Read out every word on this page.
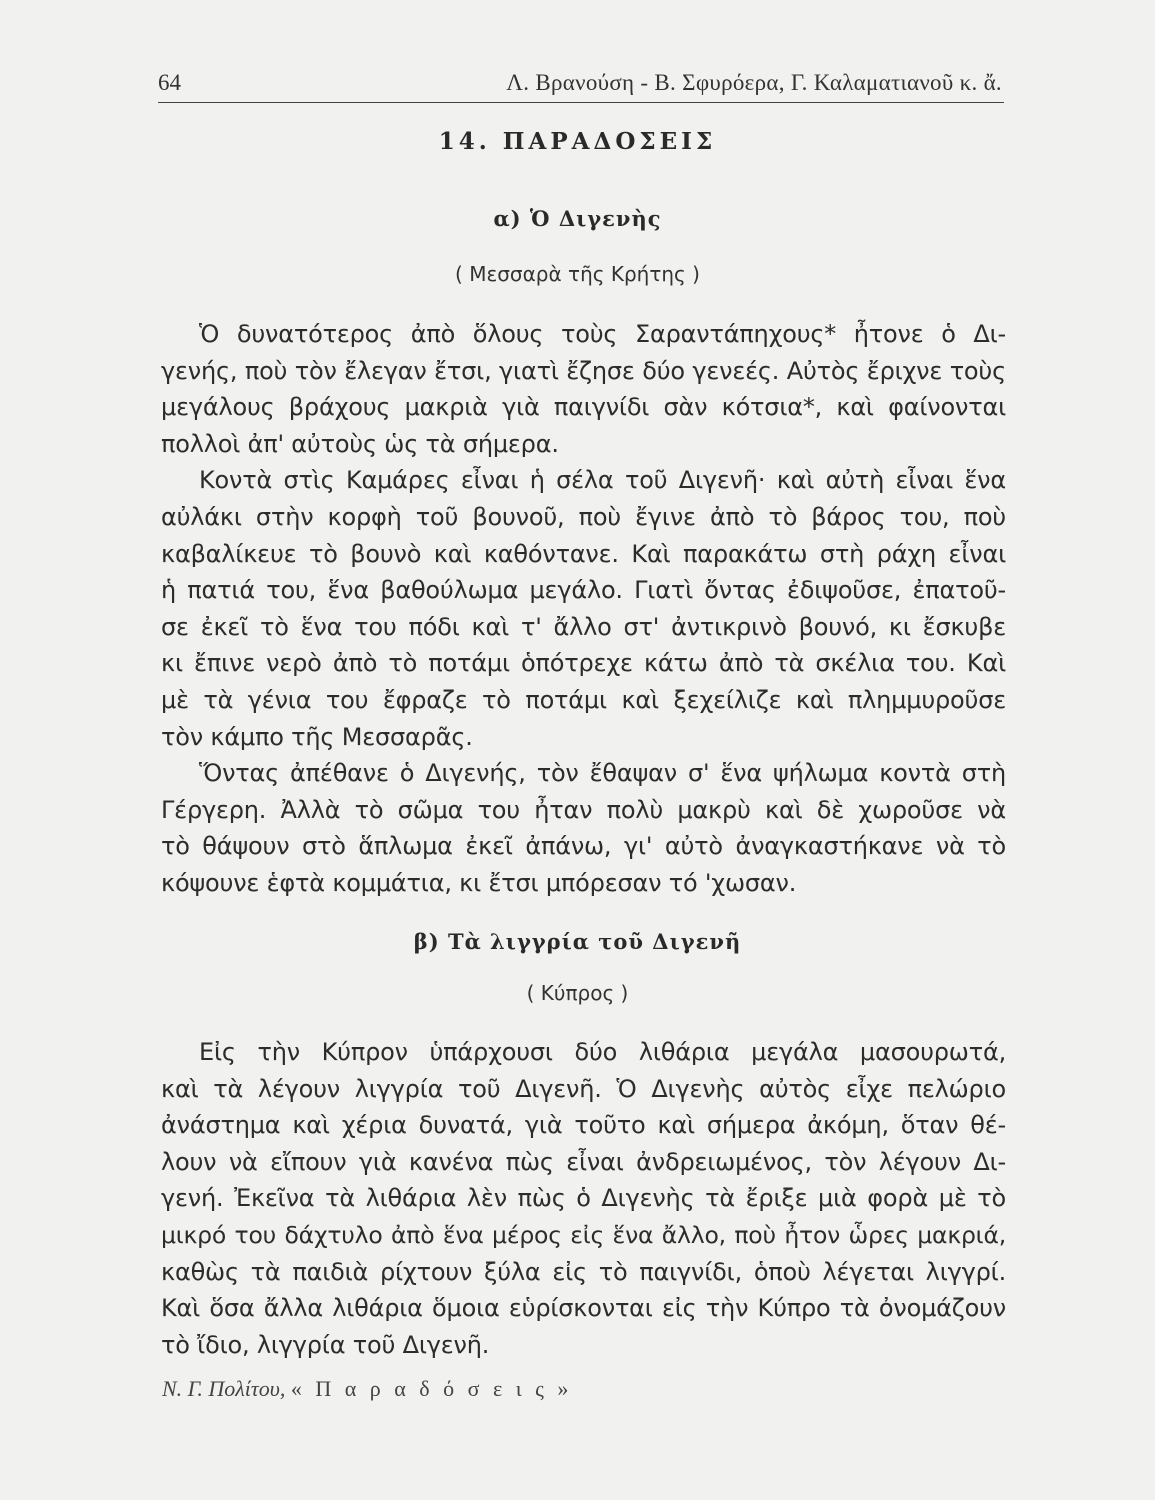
64	Λ. Βρανούση - Β. Σφυρόερα, Γ. Καλαματιανοῦ κ. ἄ.
14. ΠΑΡΑΔΟΣΕΙΣ
α) Ὁ Διγενὴς
( Μεσσαρὰ τῆς Κρήτης )
Ὁ δυνατότερος ἀπὸ ὅλους τοὺς Σαραντάπηχους* ἦτονε ὁ Δι-
γενής, ποὺ τὸν ἔλεγαν ἔτσι, γιατὶ ἔζησε δύο γενεές. Αὐτὸς ἔριχνε τοὺς
μεγάλους βράχους μακριὰ γιὰ παιγνίδι σὰν κότσια*, καὶ φαίνονται
πολλοὶ ἀπ' αὐτοὺς ὡς τὰ σήμερα.
Κοντὰ στὶς Καμάρες εἶναι ἡ σέλα τοῦ Διγενῆ· καὶ αὐτὴ εἶναι ἕνα
αὐλάκι στὴν κορφὴ τοῦ βουνοῦ, ποὺ ἔγινε ἀπὸ τὸ βάρος του, ποὺ
καβαλίκευε τὸ βουνὸ καὶ καθόντανε. Καὶ παρακάτω στὴ ράχη εἶναι
ἡ πατιά του, ἕνα βαθούλωμα μεγάλο. Γιατὶ ὄντας ἐδιψοῦσε, ἐπατοῦ-
σε ἐκεῖ τὸ ἕνα του πόδι καὶ τ' ἄλλο στ' ἀντικρινὸ βουνό, κι ἔσκυβε
κι ἔπινε νερὸ ἀπὸ τὸ ποτάμι ὁπότρεχε κάτω ἀπὸ τὰ σκέλια του. Καὶ
μὲ τὰ γένια του ἔφραζε τὸ ποτάμι καὶ ξεχείλιζε καὶ πλημμυροῦσε
τὸν κάμπο τῆς Μεσσαρᾶς.
Ὅντας ἀπέθανε ὁ Διγενής, τὸν ἔθαψαν σ' ἕνα ψήλωμα κοντὰ στὴ
Γέργερη. Ἀλλὰ τὸ σῶμα του ἦταν πολὺ μακρὺ καὶ δὲ χωροῦσε νὰ
τὸ θάψουν στὸ ἅπλωμα ἐκεῖ ἀπάνω, γι' αὐτὸ ἀναγκαστήκανε νὰ τὸ
κόψουνε ἑφτὰ κομμάτια, κι ἔτσι μπόρεσαν τό 'χωσαν.
β) Τὰ λιγγρία τοῦ Διγενῆ
( Κύπρος )
Εἰς τὴν Κύπρον ὑπάρχουσι δύο λιθάρια μεγάλα μασουρωτά,
καὶ τὰ λέγουν λιγγρία τοῦ Διγενῆ. Ὁ Διγενὴς αὐτὸς εἶχε πελώριο
ἀνάστημα καὶ χέρια δυνατά, γιὰ τοῦτο καὶ σήμερα ἀκόμη, ὅταν θέ-
λουν νὰ εἴπουν γιὰ κανένα πὼς εἶναι ἀνδρειωμένος, τὸν λέγουν Δι-
γενή. Ἐκεῖνα τὰ λιθάρια λὲν πὼς ὁ Διγενὴς τὰ ἔριξε μιὰ φορὰ μὲ τὸ
μικρό του δάχτυλο ἀπὸ ἕνα μέρος εἰς ἕνα ἄλλο, ποὺ ἦτον ὧρες μακριά,
καθὼς τὰ παιδιὰ ρίχτουν ξύλα εἰς τὸ παιγνίδι, ὁποὺ λέγεται λιγγρί.
Καὶ ὅσα ἄλλα λιθάρια ὅμοια εὑρίσκονται εἰς τὴν Κύπρο τὰ ὀνομάζουν
τὸ ἴδιο, λιγγρία τοῦ Διγενῆ.
Ν. Γ. Πολίτου, « Π α ρ α δ ό σ ε ι ς »
